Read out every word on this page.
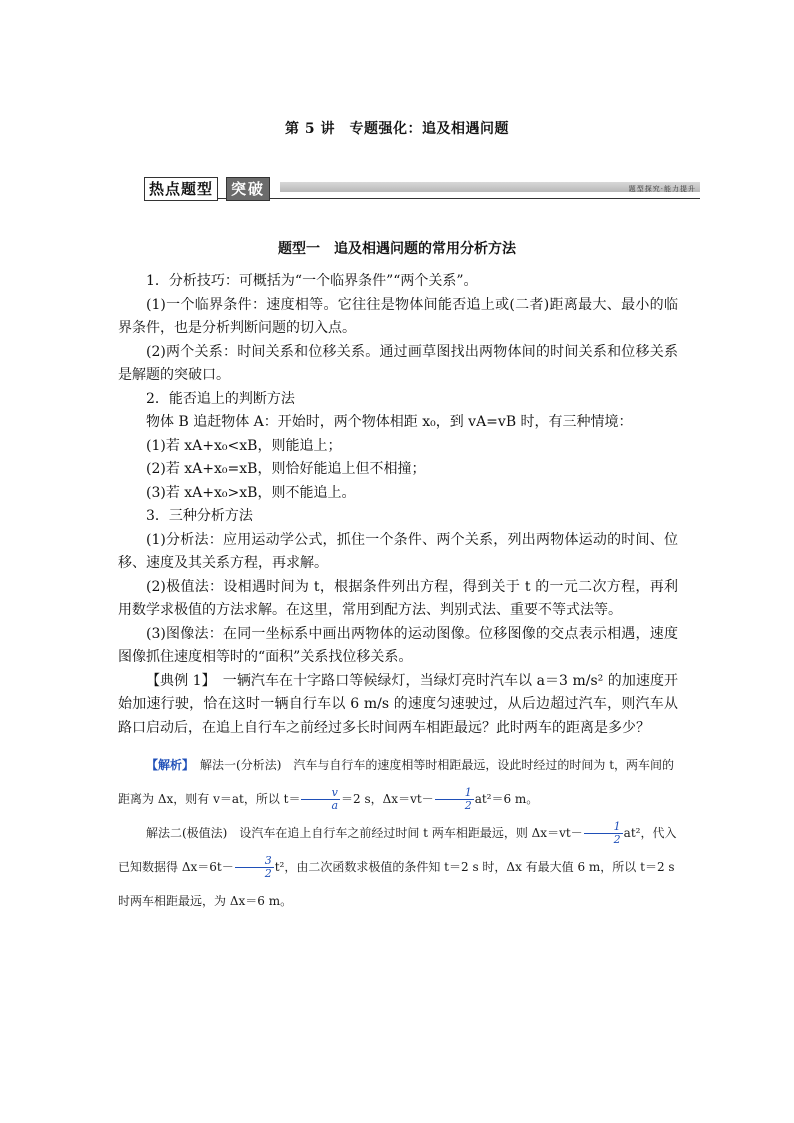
第 5 讲　专题强化：追及相遇问题
热点题型	突破	题型探究·能力提升
题型一　追及相遇问题的常用分析方法

1．分析技巧：可概括为“一个临界条件”“两个关系”。

(1)一个临界条件：速度相等。它往往是物体间能否追上或(二者)距离最大、最小的临界条件，也是分析判断问题的切入点。

(2)两个关系：时间关系和位移关系。通过画草图找出两物体间的时间关系和位移关系是解题的突破口。

2．能否追上的判断方法

物体 B 追赶物体 A：开始时，两个物体相距 x₀，到 vA=vB 时，有三种情境：

(1)若 xA+x₀<xB，则能追上；

(2)若 xA+x₀=xB，则恰好能追上但不相撞；

(3)若 xA+x₀>xB，则不能追上。

3．三种分析方法

(1)分析法：应用运动学公式，抓住一个条件、两个关系，列出两物体运动的时间、位移、速度及其关系方程，再求解。

(2)极值法：设相遇时间为 t，根据条件列出方程，得到关于 t 的一元二次方程，再利用数学求极值的方法求解。在这里，常用到配方法、判别式法、重要不等式法等。

(3)图像法：在同一坐标系中画出两物体的运动图像。位移图像的交点表示相遇，速度图像抓住速度相等时的“面积”关系找位移关系。

【典例 1】　一辆汽车在十字路口等候绿灯，当绿灯亮时汽车以 a＝3 m/s² 的加速度开始加速行驶，恰在这时一辆自行车以 6 m/s 的速度匀速驶过，从后边超过汽车，则汽车从路口启动后，在追上自行车之前经过多长时间两车相距最远？此时两车的距离是多少？

【解析】　 解法一(分析法)　汽车与自行车的速度相等时相距最远，设此时经过的时间为 t，两车间的距离为 Δx，则有 v＝at，所以 $t= \frac{v}{a} =2$ s，$\Delta x=vt- \frac{1}{2} at^2=6$ m。

解法二(极值法)　设汽车在追上自行车之前经过时间 t 两车相距最远，则 $\Delta x=vt- \frac{1}{2} at^2$，代入已知数据得 $\Delta x=6t- \frac{3}{2} t^2$，由二次函数求极值的条件知 t＝2 s 时，Δx 有最大值 6 m，所以 t＝2 s 时两车相距最远，为 Δx＝6 m。
